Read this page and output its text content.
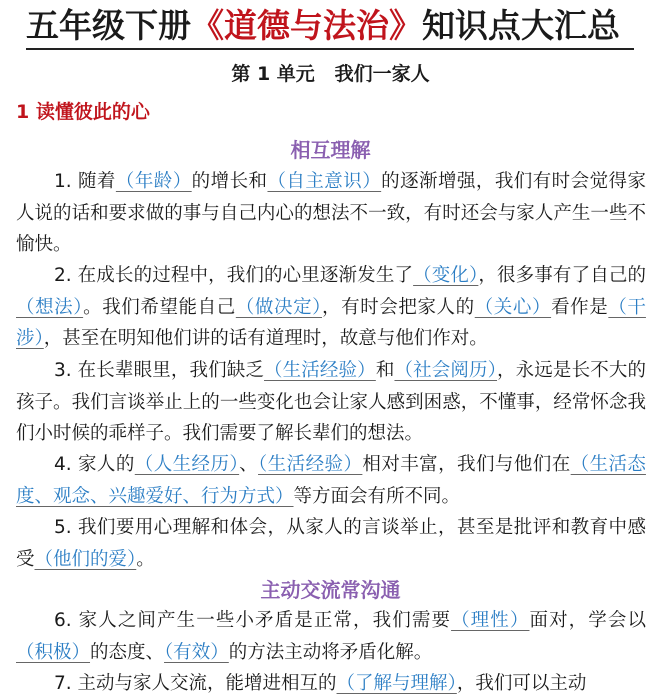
五年级下册《道德与法治》知识点大汇总
第 1 单元   我们一家人
1 读懂彼此的心
相互理解
1. 随着（年龄）的增长和（自主意识）的逐渐增强，我们有时会觉得家人说的话和要求做的事与自己内心的想法不一致，有时还会与家人产生一些不愉快。
2. 在成长的过程中，我们的心里逐渐发生了（变化），很多事有了自己的（想法）。我们希望能自己（做决定），有时会把家人的（关心）看作是（干涉），甚至在明知他们讲的话有道理时，故意与他们作对。
3. 在长辈眼里，我们缺乏（生活经验）和（社会阅历），永远是长不大的孩子。我们言谈举止上的一些变化也会让家人感到困惑，不懂事，经常怀念我们小时候的乖样子。我们需要了解长辈们的想法。
4. 家人的（人生经历）、（生活经验）相对丰富，我们与他们在（生活态度、观念、兴趣爱好、行为方式）等方面会有所不同。
5. 我们要用心理解和体会，从家人的言谈举止，甚至是批评和教育中感受（他们的爱）。
主动交流常沟通
6. 家人之间产生一些小矛盾是正常，我们需要（理性）面对，学会以（积极）的态度、（有效）的方法主动将矛盾化解。
7. 主动与家人交流，能增进相互的（了解与理解），我们可以主动
